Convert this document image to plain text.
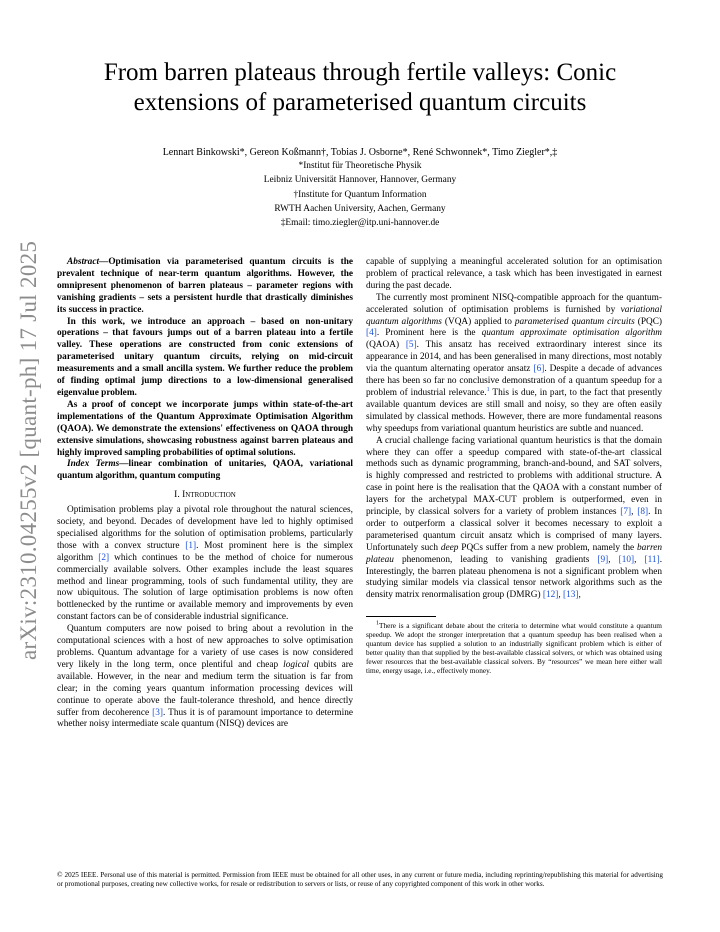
From barren plateaus through fertile valleys: Conic
extensions of parameterised quantum circuits
Lennart Binkowski*, Gereon Koßmann†, Tobias J. Osborne*, René Schwonnek*, Timo Ziegler*,‡
*Institut für Theoretische Physik
Leibniz Universität Hannover, Hannover, Germany
†Institute for Quantum Information
RWTH Aachen University, Aachen, Germany
‡Email: timo.ziegler@itp.uni-hannover.de
arXiv:2310.04255v2 [quant-ph] 17 Jul 2025	Abstract—Optimisation via parameterised quantum circuits is the prevalent technique of near-term quantum algorithms. However, the omnipresent phenomenon of barren plateaus – parameter regions with vanishing gradients – sets a persistent hurdle that drastically diminishes its success in practice.

In this work, we introduce an approach – based on non-unitary operations – that favours jumps out of a barren plateau into a fertile valley. These operations are constructed from conic extensions of parameterised unitary quantum circuits, relying on mid-circuit measurements and a small ancilla system. We further reduce the problem of finding optimal jump directions to a low-dimensional generalised eigenvalue problem.

As a proof of concept we incorporate jumps within state-of-the-art implementations of the Quantum Approximate Optimisation Algorithm (QAOA). We demonstrate the extensions' effectiveness on QAOA through extensive simulations, showcasing robustness against barren plateaus and highly improved sampling probabilities of optimal solutions.

Index Terms—linear combination of unitaries, QAOA, variational quantum algorithm, quantum computing

I. Introduction

Optimisation problems play a pivotal role throughout the natural sciences, society, and beyond. Decades of development have led to highly optimised specialised algorithms for the solution of optimisation problems, particularly those with a convex structure [1]. Most prominent here is the simplex algorithm [2] which continues to be the method of choice for numerous commercially available solvers. Other examples include the least squares method and linear programming, tools of such fundamental utility, they are now ubiquitous. The solution of large optimisation problems is now often bottlenecked by the runtime or available memory and improvements by even constant factors can be of considerable industrial significance.

Quantum computers are now poised to bring about a revolution in the computational sciences with a host of new approaches to solve optimisation problems. Quantum advantage for a variety of use cases is now considered very likely in the long term, once plentiful and cheap logical qubits are available. However, in the near and medium term the situation is far from clear; in the coming years quantum information processing devices will continue to operate above the fault-tolerance threshold, and hence directly suffer from decoherence [3]. Thus it is of paramount importance to determine whether noisy intermediate scale quantum (NISQ) devices are

capable of supplying a meaningful accelerated solution for an optimisation problem of practical relevance, a task which has been investigated in earnest during the past decade.

The currently most prominent NISQ-compatible approach for the quantum-accelerated solution of optimisation problems is furnished by variational quantum algorithms (VQA) applied to parameterised quantum circuits (PQC) [4]. Prominent here is the quantum approximate optimisation algorithm (QAOA) [5]. This ansatz has received extraordinary interest since its appearance in 2014, and has been generalised in many directions, most notably via the quantum alternating operator ansatz [6]. Despite a decade of advances there has been so far no conclusive demonstration of a quantum speedup for a problem of industrial relevance.$^1$ This is due, in part, to the fact that presently available quantum devices are still small and noisy, so they are often easily simulated by classical methods. However, there are more fundamental reasons why speedups from variational quantum heuristics are subtle and nuanced.

A crucial challenge facing variational quantum heuristics is that the domain where they can offer a speedup compared with state-of-the-art classical methods such as dynamic programming, branch-and-bound, and SAT solvers, is highly compressed and restricted to problems with additional structure. A case in point here is the realisation that the QAOA with a constant number of layers for the archetypal MAX-CUT problem is outperformed, even in principle, by classical solvers for a variety of problem instances [7], [8]. In order to outperform a classical solver it becomes necessary to exploit a parameterised quantum circuit ansatz which is comprised of many layers. Unfortunately such deep PQCs suffer from a new problem, namely the barren plateau phenomenon, leading to vanishing gradients [9], [10], [11]. Interestingly, the barren plateau phenomena is not a significant problem when studying similar models via classical tensor network algorithms such as the density matrix renormalisation group (DMRG) [12], [13],

$^1$There is a significant debate about the criteria to determine what would constitute a quantum speedup. We adopt the stronger interpretation that a quantum speedup has been realised when a quantum device has supplied a solution to an industrially significant problem which is either of better quality than that supplied by the best-available classical solvers, or which was obtained using fewer resources that the best-available classical solvers. By “resources” we mean here either wall time, energy usage, i.e., effectively money.

© 2025 IEEE. Personal use of this material is permitted. Permission from IEEE must be obtained for all other uses, in any current or future media, including reprinting/republishing this material for advertising or promotional purposes, creating new collective works, for resale or redistribution to servers or lists, or reuse of any copyrighted component of this work in other works.
